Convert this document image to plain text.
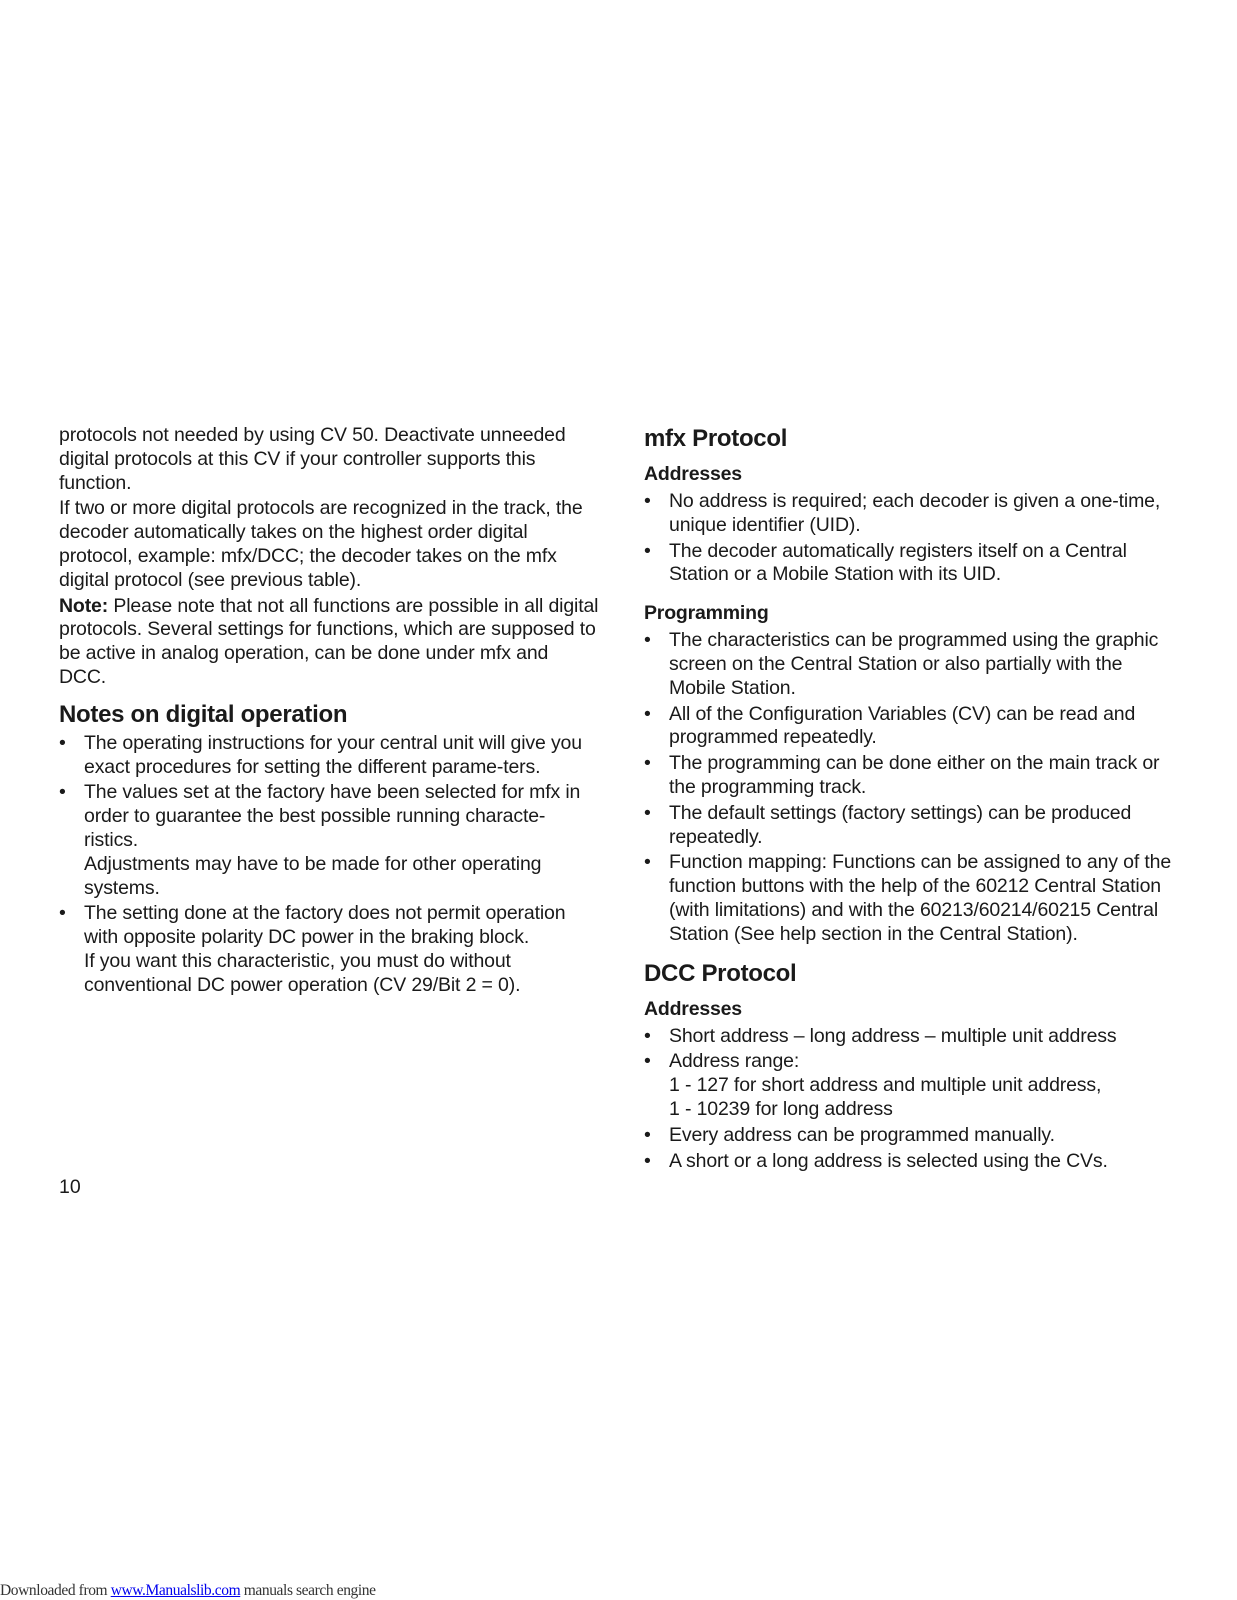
protocols not needed by using CV 50. Deactivate unneeded digital protocols at this CV if your controller supports this function.

If two or more digital protocols are recognized in the track, the decoder automatically takes on the highest order digital protocol, example: mfx/DCC; the decoder takes on the mfx digital protocol (see previous table).

Note: Please note that not all functions are possible in all digital protocols. Several settings for functions, which are supposed to be active in analog operation, can be done under mfx and DCC.

Notes on digital operation
• The operating instructions for your central unit will give you exact procedures for setting the different parame-ters.
• The values set at the factory have been selected for mfx in order to guarantee the best possible running characte-ristics.
Adjustments may have to be made for other operating systems.
• The setting done at the factory does not permit operation with opposite polarity DC power in the braking block.
If you want this characteristic, you must do without conventional DC power operation (CV 29/Bit 2 = 0).
mfx Protocol
Addresses
• No address is required; each decoder is given a one-time, unique identifier (UID).
• The decoder automatically registers itself on a Central Station or a Mobile Station with its UID.
Programming
• The characteristics can be programmed using the graphic screen on the Central Station or also partially with the Mobile Station.
• All of the Configuration Variables (CV) can be read and programmed repeatedly.
• The programming can be done either on the main track or the programming track.
• The default settings (factory settings) can be produced repeatedly.
• Function mapping: Functions can be assigned to any of the function buttons with the help of the 60212 Central Station (with limitations) and with the 60213/60214/60215 Central Station (See help section in the Central Station).
DCC Protocol
Addresses
• Short address – long address – multiple unit address
• Address range:
1 - 127 for short address and multiple unit address,
1 - 10239 for long address
• Every address can be programmed manually.
• A short or a long address is selected using the CVs.
10
Downloaded from www.Manualslib.com manuals search engine
